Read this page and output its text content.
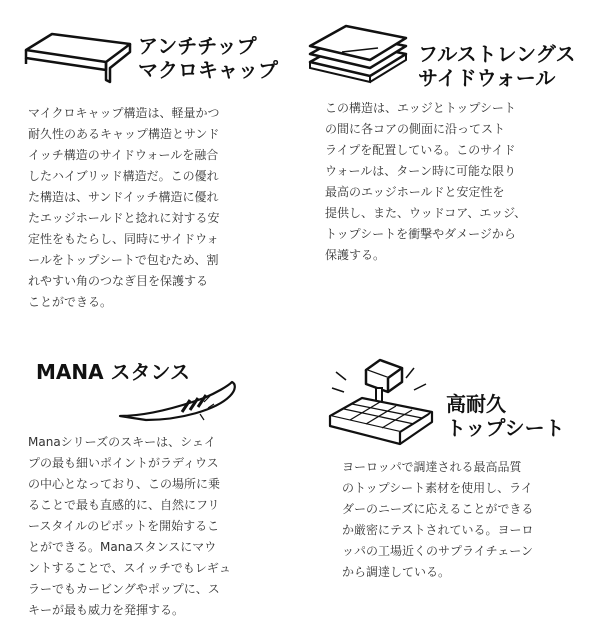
アンチチップ
マクロキャップ
マイクロキャップ構造は、軽量かつ
耐久性のあるキャップ構造とサンド
イッチ構造のサイドウォールを融合
したハイブリッド構造だ。この優れ
た構造は、サンドイッチ構造に優れ
たエッジホールドと捻れに対する安
定性をもたらし、同時にサイドウォ
ールをトップシートで包むため、割
れやすい角のつなぎ目を保護する
ことができる。
フルストレングス
サイドウォール
この構造は、エッジとトップシート
の間に各コアの側面に沿ってスト
ライプを配置している。このサイド
ウォールは、ターン時に可能な限り
最高のエッジホールドと安定性を
提供し、また、ウッドコア、エッジ、
トップシートを衝撃やダメージから
保護する。
MANA スタンス
Manaシリーズのスキーは、シェイ
プの最も細いポイントがラディウス
の中心となっており、この場所に乗
ることで最も直感的に、自然にフリ
ースタイルのピボットを開始するこ
とができる。Manaスタンスにマウ
ントすることで、スイッチでもレギュ
ラーでもカービングやポップに、ス
キーが最も威力を発揮する。
高耐久
トップシート
ヨーロッパで調達される最高品質
のトップシート素材を使用し、ライ
ダーのニーズに応えることができる
か厳密にテストされている。ヨーロ
ッパの工場近くのサプライチェーン
から調達している。
